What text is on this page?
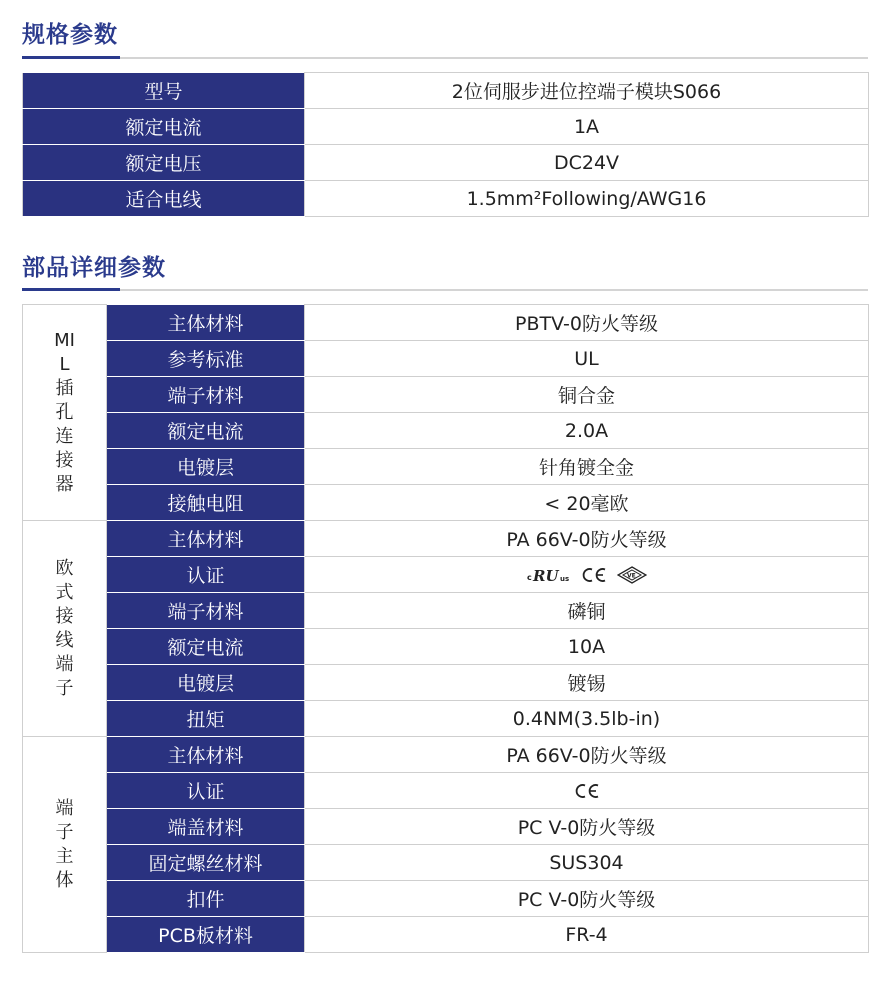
规格参数
型号	2位伺服步进位控端子模块S066
额定电流	1A
额定电压	DC24V
适合电线	1.5mm²Following/AWG16
部品详细参数
MIL插孔连接器	主体材料	PBTV-0防火等级
	参考标准	UL
	端子材料	铜合金
	额定电流	2.0A
	电镀层	针角镀全金
	接触电阻	< 20毫欧
欧式接线端子	主体材料	PA 66V-0防火等级
	认证	c RU us VE

	端子材料	磷铜
	额定电流	10A
	电镀层	镀锡
	扭矩	0.4NM(3.5lb-in)
端子主体	主体材料	PA 66V-0防火等级
	认证	

	端盖材料	PC V-0防火等级
	固定螺丝材料	SUS304
	扣件	PC V-0防火等级
	PCB板材料	FR-4
